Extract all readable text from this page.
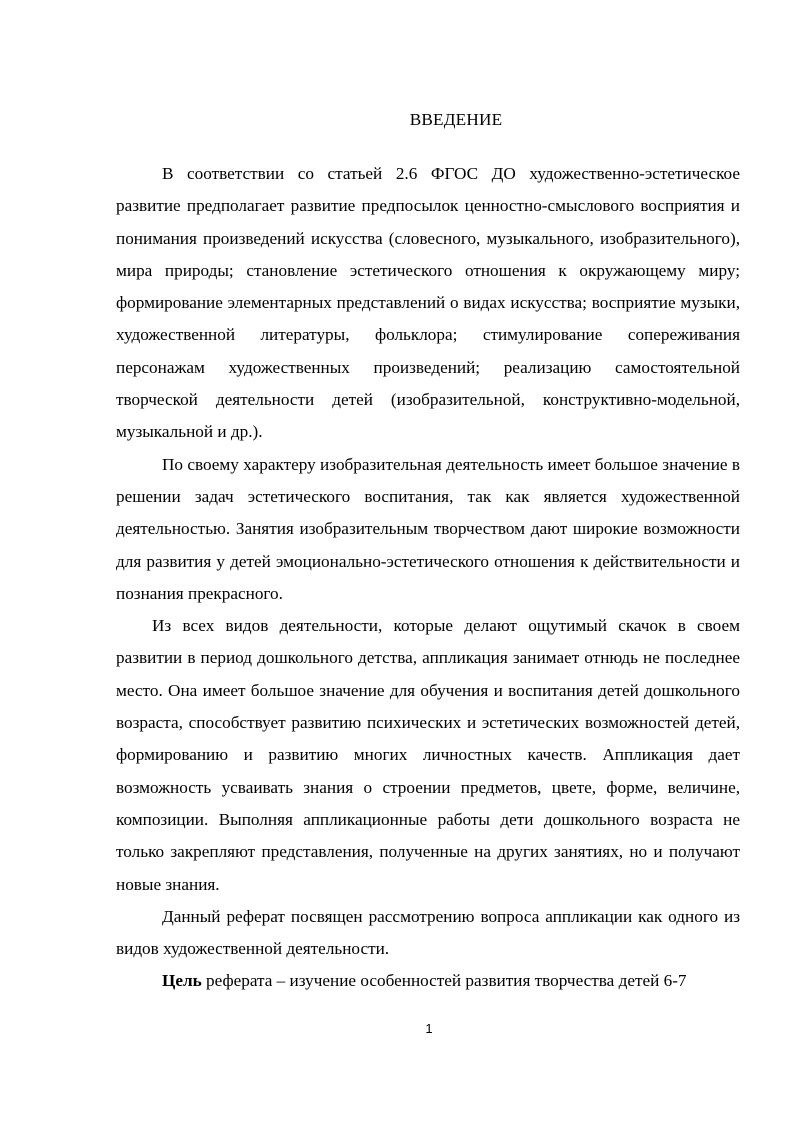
ВВЕДЕНИЕ

В соответствии со статьей 2.6 ФГОС ДО художественно-эстетическое развитие предполагает развитие предпосылок ценностно-смыслового восприятия и понимания произведений искусства (словесного, музыкального, изобразительного), мира природы; становление эстетического отношения к окружающему миру; формирование элементарных представлений о видах искусства; восприятие музыки, художественной литературы, фольклора; стимулирование сопереживания персонажам художественных произведений; реализацию самостоятельной творческой деятельности детей (изобразительной, конструктивно-модельной, музыкальной и др.).

По своему характеру изобразительная деятельность имеет большое значение в решении задач эстетического воспитания, так как является художественной деятельностью. Занятия изобразительным творчеством дают широкие возможности для развития у детей эмоционально-эстетического отношения к действительности и познания прекрасного.

Из всех видов деятельности, которые делают ощутимый скачок в своем развитии в период дошкольного детства, аппликация занимает отнюдь не последнее место. Она имеет большое значение для обучения и воспитания детей дошкольного возраста, способствует развитию психических и эстетических возможностей детей, формированию и развитию многих личностных качеств. Аппликация дает возможность усваивать знания о строении предметов, цвете, форме, величине, композиции. Выполняя аппликационные работы дети дошкольного возраста не только закрепляют представления, полученные на других занятиях, но и получают новые знания.

Данный реферат посвящен рассмотрению вопроса аппликации как одного из видов художественной деятельности.

Цель реферата – изучение особенностей развития творчества детей 6-7

1
